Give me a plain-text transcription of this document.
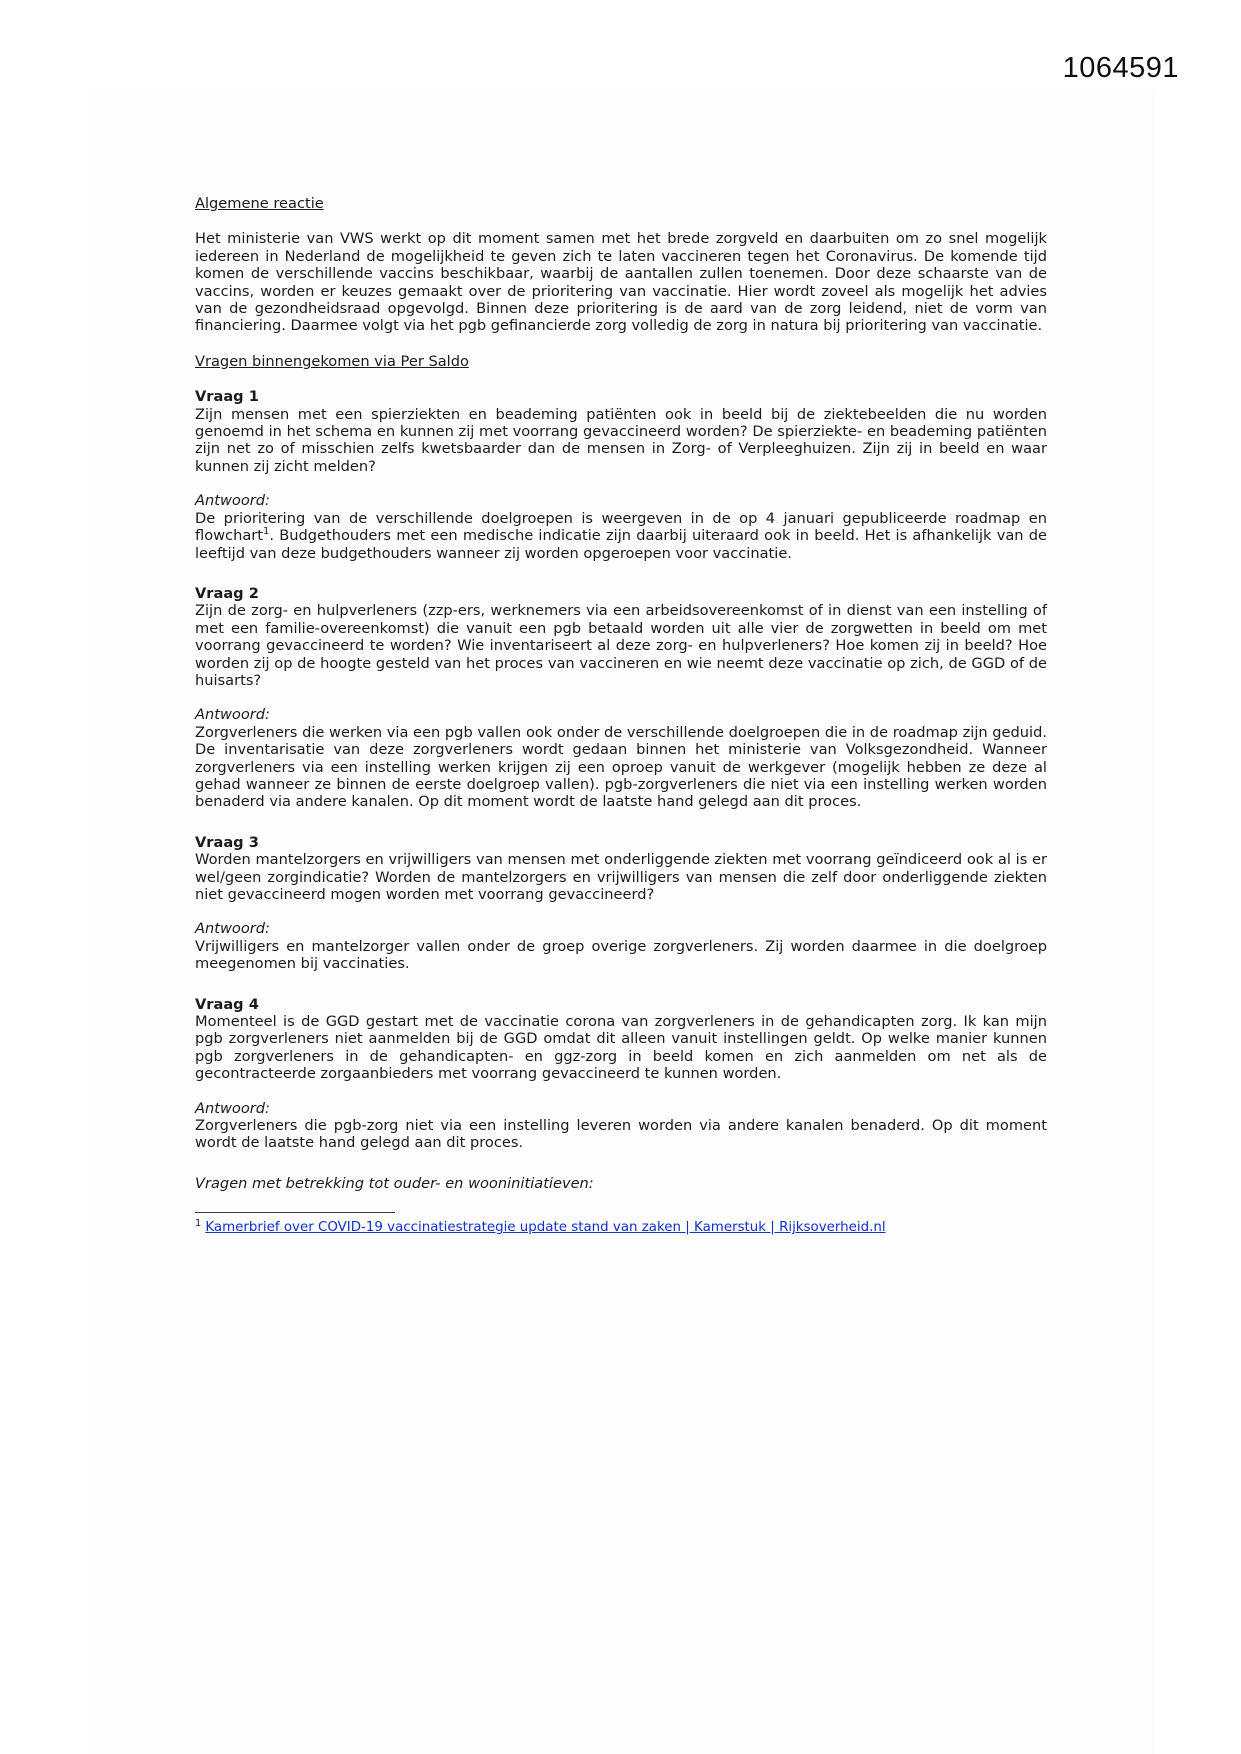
1064591

Algemene reactie

Het ministerie van VWS werkt op dit moment samen met het brede zorgveld en daarbuiten om zo snel mogelijk iedereen in Nederland de mogelijkheid te geven zich te laten vaccineren tegen het Coronavirus. De komende tijd komen de verschillende vaccins beschikbaar, waarbij de aantallen zullen toenemen. Door deze schaarste van de vaccins, worden er keuzes gemaakt over de prioritering van vaccinatie. Hier wordt zoveel als mogelijk het advies van de gezondheidsraad opgevolgd. Binnen deze prioritering is de aard van de zorg leidend, niet de vorm van financiering. Daarmee volgt via het pgb gefinancierde zorg volledig de zorg in natura bij prioritering van vaccinatie.

Vragen binnengekomen via Per Saldo

Vraag 1

Zijn mensen met een spierziekten en beademing patiënten ook in beeld bij de ziektebeelden die nu worden genoemd in het schema en kunnen zij met voorrang gevaccineerd worden? De spierziekte- en beademing patiënten zijn net zo of misschien zelfs kwetsbaarder dan de mensen in Zorg- of Verpleeghuizen. Zijn zij in beeld en waar kunnen zij zicht melden?

Antwoord:

De prioritering van de verschillende doelgroepen is weergeven in de op 4 januari gepubliceerde roadmap en flowchart$^1$. Budgethouders met een medische indicatie zijn daarbij uiteraard ook in beeld. Het is afhankelijk van de leeftijd van deze budgethouders wanneer zij worden opgeroepen voor vaccinatie.

Vraag 2

Zijn de zorg- en hulpverleners (zzp-ers, werknemers via een arbeidsovereenkomst of in dienst van een instelling of met een familie-overeenkomst) die vanuit een pgb betaald worden uit alle vier de zorgwetten in beeld om met voorrang gevaccineerd te worden? Wie inventariseert al deze zorg- en hulpverleners? Hoe komen zij in beeld? Hoe worden zij op de hoogte gesteld van het proces van vaccineren en wie neemt deze vaccinatie op zich, de GGD of de huisarts?

Antwoord:

Zorgverleners die werken via een pgb vallen ook onder de verschillende doelgroepen die in de roadmap zijn geduid. De inventarisatie van deze zorgverleners wordt gedaan binnen het ministerie van Volksgezondheid. Wanneer zorgverleners via een instelling werken krijgen zij een oproep vanuit de werkgever (mogelijk hebben ze deze al gehad wanneer ze binnen de eerste doelgroep vallen). pgb-zorgverleners die niet via een instelling werken worden benaderd via andere kanalen. Op dit moment wordt de laatste hand gelegd aan dit proces.

Vraag 3

Worden mantelzorgers en vrijwilligers van mensen met onderliggende ziekten met voorrang geïndiceerd ook al is er wel/geen zorgindicatie? Worden de mantelzorgers en vrijwilligers van mensen die zelf door onderliggende ziekten niet gevaccineerd mogen worden met voorrang gevaccineerd?

Antwoord:

Vrijwilligers en mantelzorger vallen onder de groep overige zorgverleners. Zij worden daarmee in die doelgroep meegenomen bij vaccinaties.

Vraag 4

Momenteel is de GGD gestart met de vaccinatie corona van zorgverleners in de gehandicapten zorg. Ik kan mijn pgb zorgverleners niet aanmelden bij de GGD omdat dit alleen vanuit instellingen geldt. Op welke manier kunnen pgb zorgverleners in de gehandicapten- en ggz-zorg in beeld komen en zich aanmelden om net als de gecontracteerde zorgaanbieders met voorrang gevaccineerd te kunnen worden.

Antwoord:

Zorgverleners die pgb-zorg niet via een instelling leveren worden via andere kanalen benaderd. Op dit moment wordt de laatste hand gelegd aan dit proces.

Vragen met betrekking tot ouder- en wooninitiatieven:

$^1$ Kamerbrief over COVID-19 vaccinatiestrategie update stand van zaken | Kamerstuk | Rijksoverheid.nl
